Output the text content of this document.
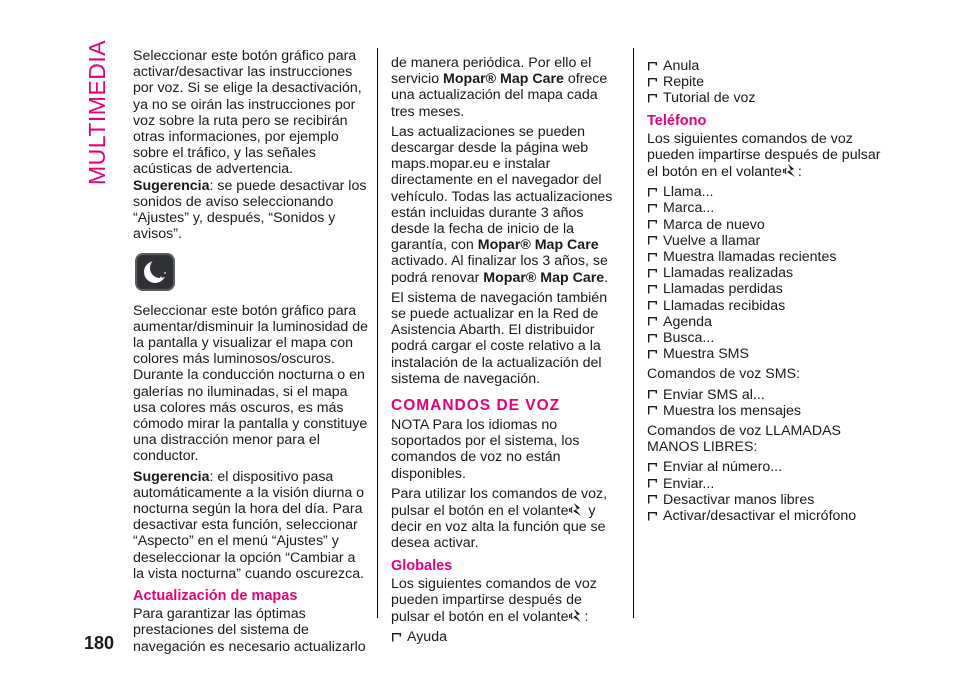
MULTIMEDIA
180

Seleccionar este botón gráfico para activar/desactivar las instrucciones por voz. Si se elige la desactivación, ya no se oirán las instrucciones por voz sobre la ruta pero se recibirán otras informaciones, por ejemplo sobre el tráfico, y las señales acústicas de advertencia. Sugerencia: se puede desactivar los sonidos de aviso seleccionando “Ajustes” y, después, “Sonidos y avisos”.

Seleccionar este botón gráfico para aumentar/disminuir la luminosidad de la pantalla y visualizar el mapa con colores más luminosos/oscuros. Durante la conducción nocturna o en galerías no iluminadas, si el mapa usa colores más oscuros, es más cómodo mirar la pantalla y constituye una distracción menor para el conductor.

Sugerencia: el dispositivo pasa automáticamente a la visión diurna o nocturna según la hora del día. Para desactivar esta función, seleccionar “Aspecto” en el menú “Ajustes” y deseleccionar la opción “Cambiar a la vista nocturna” cuando oscurezca.

Actualización de mapas

Para garantizar las óptimas prestaciones del sistema de navegación es necesario actualizarlo

de manera periódica. Por ello el servicio Mopar® Map Care ofrece una actualización del mapa cada tres meses.

Las actualizaciones se pueden descargar desde la página web maps.mopar.eu e instalar directamente en el navegador del vehículo. Todas las actualizaciones están incluidas durante 3 años desde la fecha de inicio de la garantía, con Mopar® Map Care activado. Al finalizar los 3 años, se podrá renovar Mopar® Map Care.

El sistema de navegación también se puede actualizar en la Red de Asistencia Abarth. El distribuidor podrá cargar el coste relativo a la instalación de la actualización del sistema de navegación.

COMANDOS DE VOZ

NOTA Para los idiomas no soportados por el sistema, los comandos de voz no están disponibles.

Para utilizar los comandos de voz, pulsar el botón en el volante y decir en voz alta la función que se desea activar.

Globales

Los siguientes comandos de voz pueden impartirse después de pulsar el botón en el volante :

Ayuda
Anula
Repite
Tutorial de voz
Teléfono

Los siguientes comandos de voz pueden impartirse después de pulsar el botón en el volante :

Llama...
Marca...
Marca de nuevo
Vuelve a llamar
Muestra llamadas recientes
Llamadas realizadas
Llamadas perdidas
Llamadas recibidas
Agenda
Busca...
Muestra SMS

Comandos de voz SMS:

Enviar SMS al...
Muestra los mensajes

Comandos de voz LLAMADAS MANOS LIBRES:

Enviar al número...
Enviar...
Desactivar manos libres
Activar/desactivar el micrófono
